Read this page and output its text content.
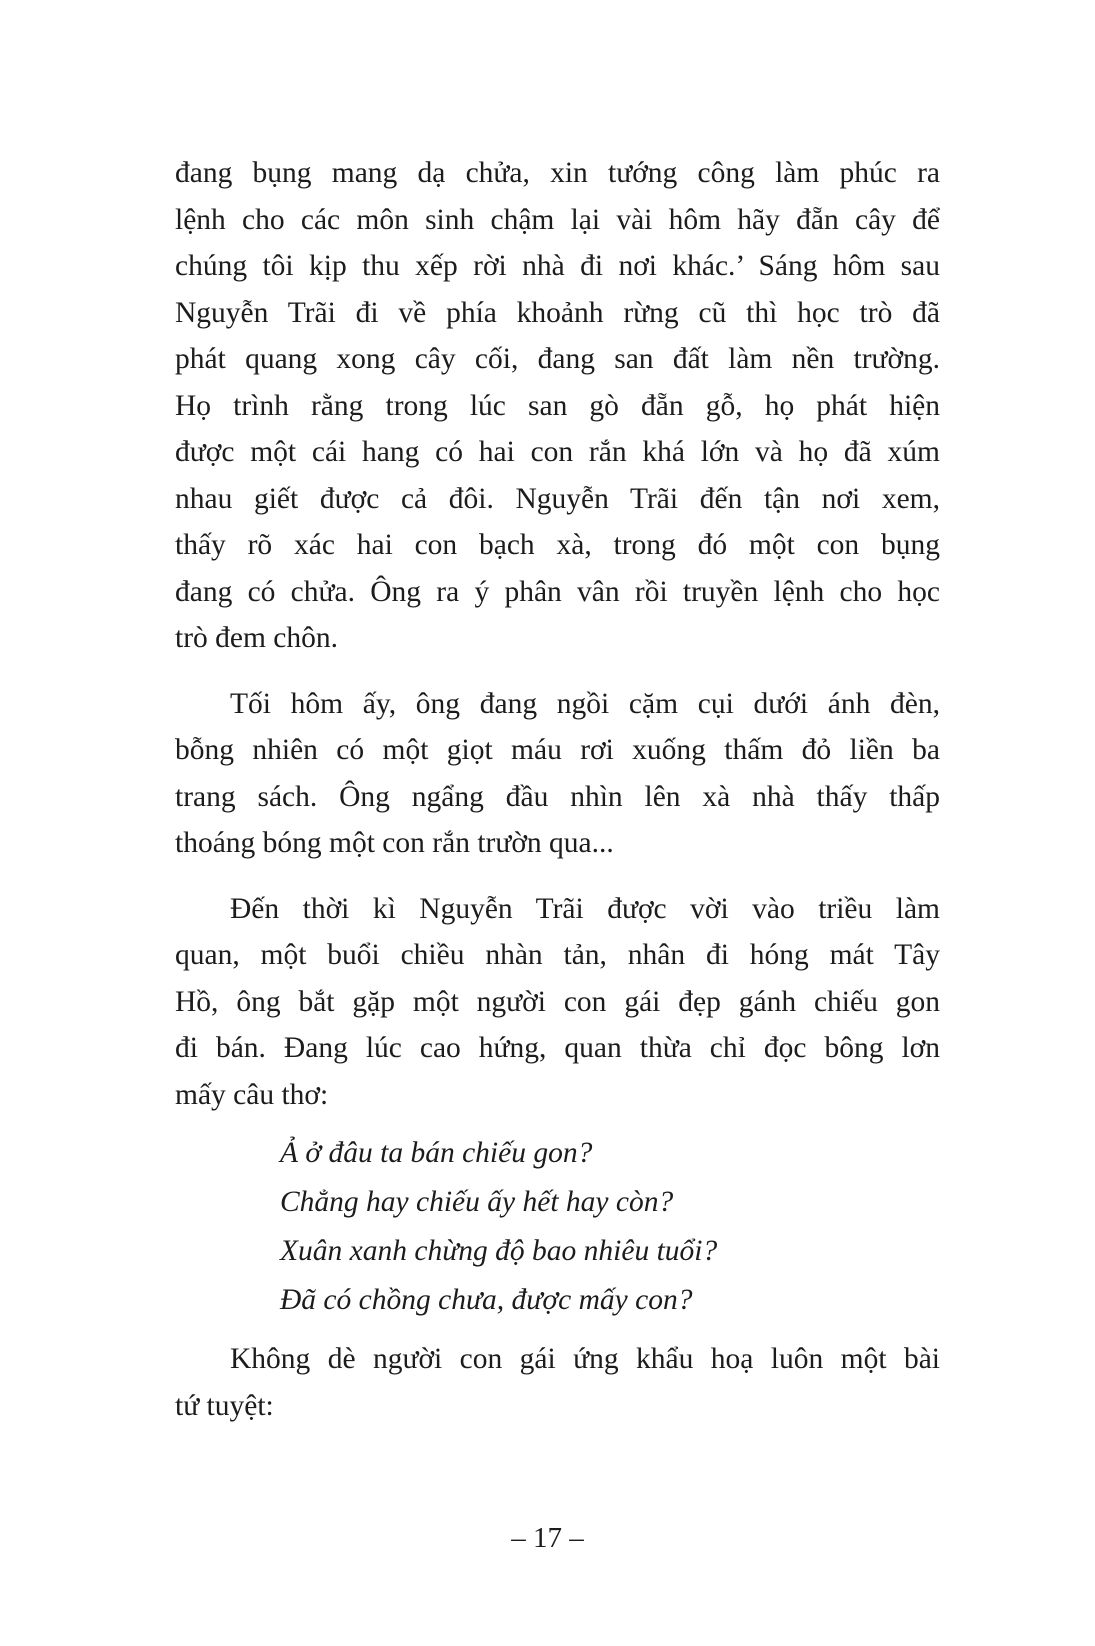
đang bụng mang dạ chửa, xin tướng công làm phúc ra
lệnh cho các môn sinh chậm lại vài hôm hãy đẵn cây để
chúng tôi kịp thu xếp rời nhà đi nơi khác.’ Sáng hôm sau
Nguyễn Trãi đi về phía khoảnh rừng cũ thì học trò đã
phát quang xong cây cối, đang san đất làm nền trường.
Họ trình rằng trong lúc san gò đẵn gỗ, họ phát hiện
được một cái hang có hai con rắn khá lớn và họ đã xúm
nhau giết được cả đôi. Nguyễn Trãi đến tận nơi xem,
thấy rõ xác hai con bạch xà, trong đó một con bụng
đang có chửa. Ông ra ý phân vân rồi truyền lệnh cho học
trò đem chôn.
Tối hôm ấy, ông đang ngồi cặm cụi dưới ánh đèn,
bỗng nhiên có một giọt máu rơi xuống thấm đỏ liền ba
trang sách. Ông ngẩng đầu nhìn lên xà nhà thấy thấp
thoáng bóng một con rắn trườn qua...
Đến thời kì Nguyễn Trãi được vời vào triều làm
quan, một buổi chiều nhàn tản, nhân đi hóng mát Tây
Hồ, ông bắt gặp một người con gái đẹp gánh chiếu gon
đi bán. Đang lúc cao hứng, quan thừa chỉ đọc bông lơn
mấy câu thơ:
Ả ở đâu ta bán chiếu gon?
Chẳng hay chiếu ấy hết hay còn?
Xuân xanh chừng độ bao nhiêu tuổi?
Đã có chồng chưa, được mấy con?
Không dè người con gái ứng khẩu hoạ luôn một bài
tứ tuyệt:
– 17 –
